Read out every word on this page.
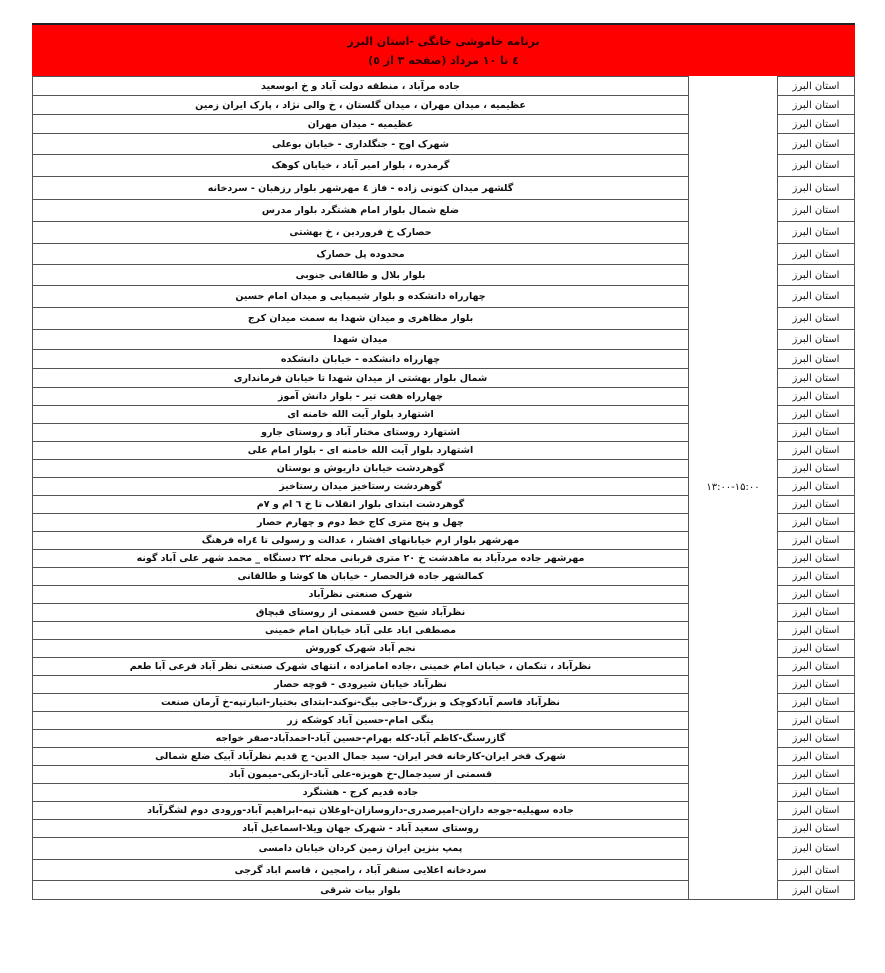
برنامه خاموشی خانگی -استان البرز
٤ تا ١٠ مرداد (صفحه ٣ از ٥)
استان البرز	۱۳:۰۰-۱۵:۰۰	جاده مرآباد ، منطقه دولت آباد و خ ابوسعید
استان البرز		عظیمیه ، میدان مهران ، میدان گلستان ، خ والی نژاد ، پارک ایران زمین
استان البرز		عظیمیه - میدان مهران
استان البرز		شهرک اوج - جنگلداری - خیابان بوعلی
استان البرز		گرمدره ، بلوار امیر آباد ، خیابان کوهک
استان البرز		گلشهر میدان کتونی زاده - فاز ٤ مهرشهر بلوار رزهبان - سردخانه
استان البرز		ضلع شمال بلوار امام هشتگرد بلوار مدرس
استان البرز		حصارک خ فروردین ، خ بهشتی
استان البرز		محدوده پل حصارک
استان البرز		بلوار بلال و طالقانی جنوبی
استان البرز		چهارراه دانشکده و بلوار شیمیایی و میدان امام حسین
استان البرز		بلوار مظاهری و میدان شهدا به سمت میدان کرج
استان البرز		میدان شهدا
استان البرز		چهارراه دانشکده - خیابان دانشکده
استان البرز		شمال بلوار بهشتی از میدان شهدا تا خیابان فرمانداری
استان البرز		چهارراه هفت تیر - بلوار دانش آموز
استان البرز		اشتهارد بلوار آیت الله خامنه ای
استان البرز		اشتهارد روستای مختار آباد و روستای جارو
استان البرز		اشتهارد بلوار آیت الله خامنه ای - بلوار امام علی
استان البرز		گوهردشت خیابان داریوش و بوستان
استان البرز		گوهردشت رستاخیز میدان رستاخیز
استان البرز		گوهردشت ابتدای بلوار انقلاب تا خ ٦ ام و ٧م
استان البرز		چهل و پنج متری کاج خط دوم و چهارم حصار
استان البرز		مهرشهر بلوار ارم خیابانهای افشار ، عدالت و رسولی تا ٤راه فرهنگ
استان البرز		مهرشهر جاده مردآباد به ماهدشت خ ٢٠ متری قربانی محله ٣٢ دستگاه _ محمد شهر علی آباد گونه
استان البرز		کمالشهر جاده قزالحصار - خیابان ها کوشا و طالقانی
استان البرز		شهرک صنعتی نظرآباد
استان البرز		نظرآباد شیخ حسن قسمتی از روستای قبچاق
استان البرز		مصطفی اباد علی آباد خیابان امام خمینی
استان البرز		نجم آباد شهرک کوروش
استان البرز		نظرآباد ، تنکمان ، خیابان امام خمینی ،جاده امامزاده ، انتهای شهرک صنعتی نظر آباد فرعی آبا طعم
استان البرز		نظرآباد خیابان شیرودی - قوچه حصار
استان البرز		نظرآباد قاسم آبادکوچک و بزرگ-حاجی بیگ-نوکند-ابتدای بختیار-انبارتپه-خ آرمان صنعت
استان البرز		ینگی امام-حسین آباد کوشکه زر
استان البرز		گازرسنگ-کاظم آباد-کله بهرام-حسین آباد-احمدآباد-صفر خواجه
استان البرز		شهرک فخر ایران-کارخانه فخر ایران- سید جمال الدین- ج قدیم نظرآباد آبیک ضلع شمالی
استان البرز		قسمتی از سیدجمال-خ هویزه-علی آباد-ازبکی-میمون آباد
استان البرز		جاده قدیم کرج - هشتگرد
استان البرز		جاده سهیلیه-جوجه داران-امیرصدری-داروسازان-اوغلان تپه-ابراهیم آباد-ورودی دوم لشگرآباد
استان البرز		روستای سعید آباد - شهرک جهان ویلا-اسماعیل آباد
استان البرز		پمپ بنزین ایران زمین کردان خیابان دامسی
استان البرز		سردخانه اعلایی سنقر آباد ، رامجین ، قاسم اباد گرجی
استان البرز		بلوار بیات شرقی
